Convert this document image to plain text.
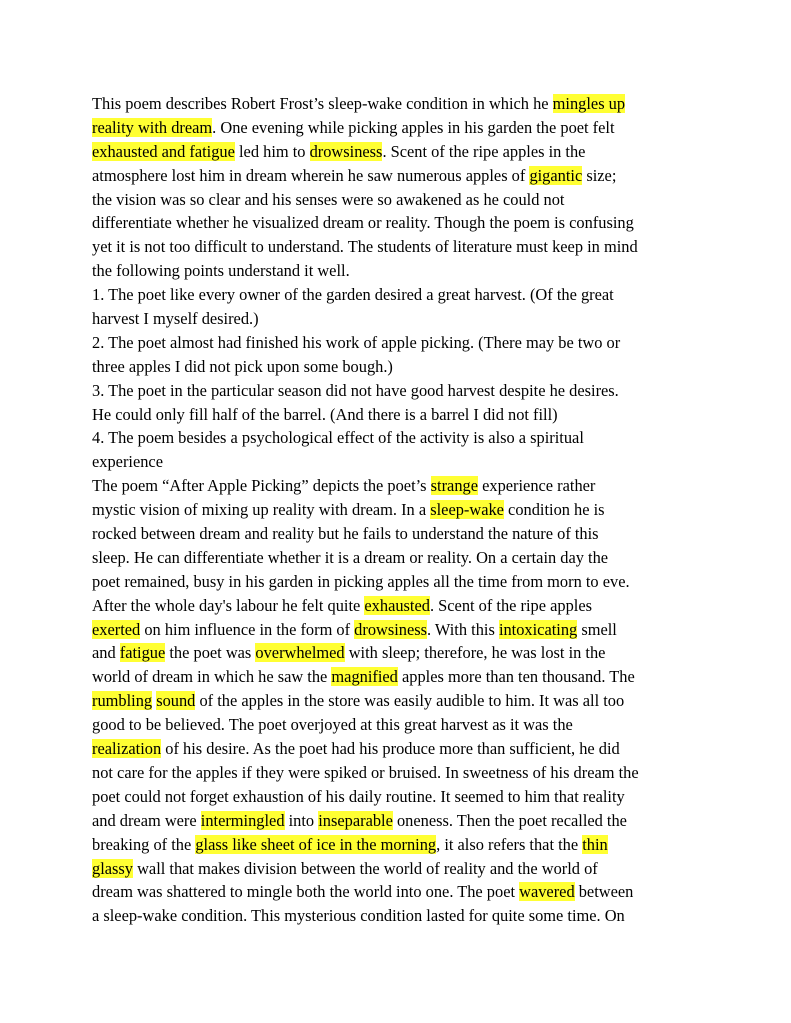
This poem describes Robert Frost’s sleep-wake condition in which he mingles up
reality with dream. One evening while picking apples in his garden the poet felt
exhausted and fatigue led him to drowsiness. Scent of the ripe apples in the
atmosphere lost him in dream wherein he saw numerous apples of gigantic size;
the vision was so clear and his senses were so awakened as he could not
differentiate whether he visualized dream or reality. Though the poem is confusing
yet it is not too difficult to understand. The students of literature must keep in mind
the following points understand it well.
1. The poet like every owner of the garden desired a great harvest. (Of the great
harvest I myself desired.)
2. The poet almost had finished his work of apple picking. (There may be two or
three apples I did not pick upon some bough.)
3. The poet in the particular season did not have good harvest despite he desires.
He could only fill half of the barrel. (And there is a barrel I did not fill)
4. The poem besides a psychological effect of the activity is also a spiritual
experience
The poem “After Apple Picking” depicts the poet’s strange experience rather
mystic vision of mixing up reality with dream. In a sleep-wake condition he is
rocked between dream and reality but he fails to understand the nature of this
sleep. He can differentiate whether it is a dream or reality. On a certain day the
poet remained, busy in his garden in picking apples all the time from morn to eve.
After the whole day's labour he felt quite exhausted. Scent of the ripe apples
exerted on him influence in the form of drowsiness. With this intoxicating smell
and fatigue the poet was overwhelmed with sleep; therefore, he was lost in the
world of dream in which he saw the magnified apples more than ten thousand. The
rumbling sound of the apples in the store was easily audible to him. It was all too
good to be believed. The poet overjoyed at this great harvest as it was the
realization of his desire. As the poet had his produce more than sufficient, he did
not care for the apples if they were spiked or bruised. In sweetness of his dream the
poet could not forget exhaustion of his daily routine. It seemed to him that reality
and dream were intermingled into inseparable oneness. Then the poet recalled the
breaking of the glass like sheet of ice in the morning, it also refers that the thin
glassy wall that makes division between the world of reality and the world of
dream was shattered to mingle both the world into one. The poet wavered between
a sleep-wake condition. This mysterious condition lasted for quite some time. On
